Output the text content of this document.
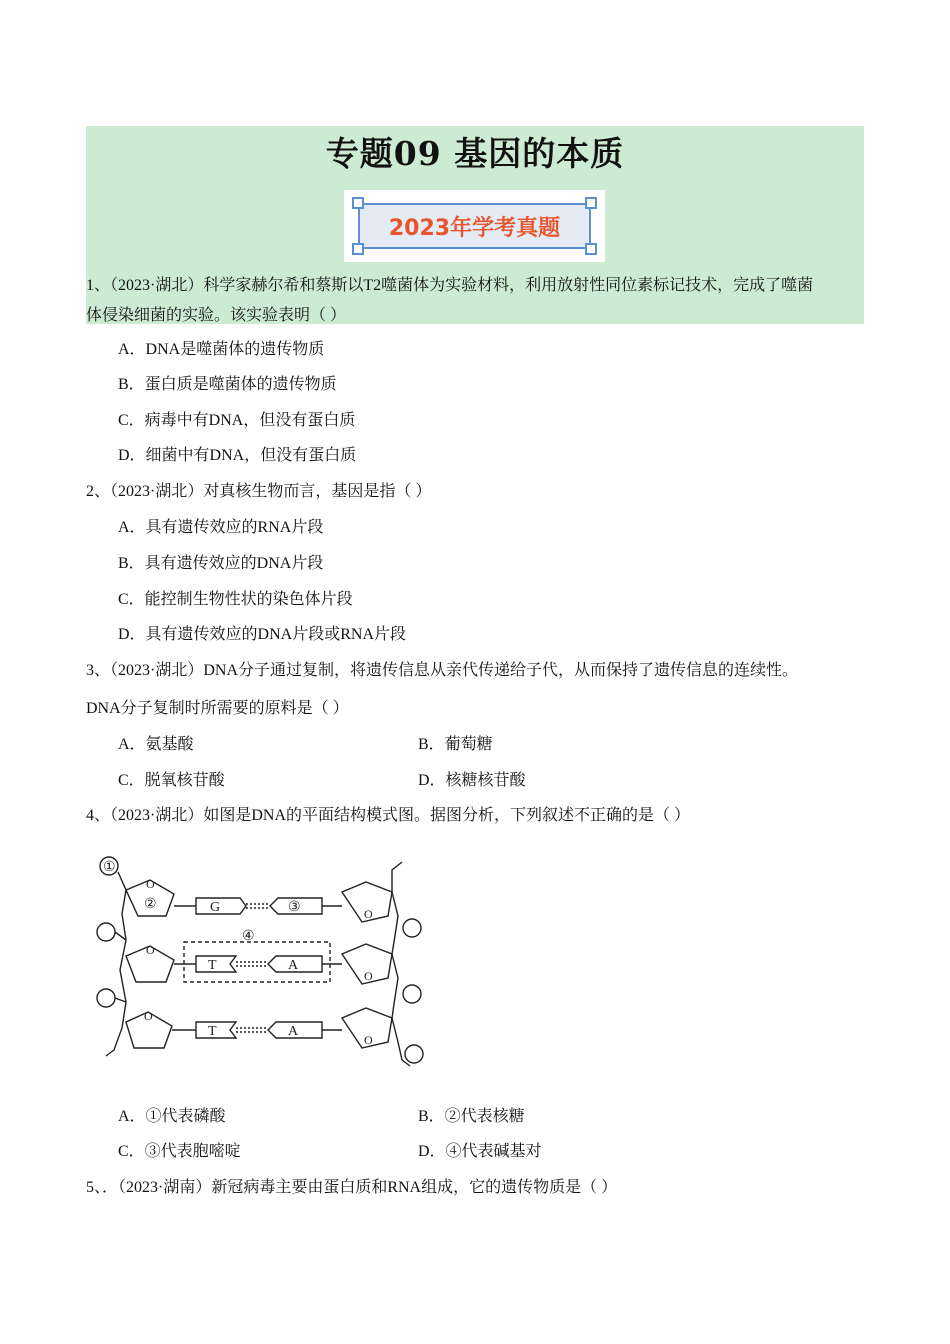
专题09 基因的本质
2023年学考真题
1、（2023·湖北）科学家赫尔希和蔡斯以T2噬菌体为实验材料，利用放射性同位素标记技术，完成了噬菌
体侵染细菌的实验。该实验表明（ ）
A．DNA是噬菌体的遗传物质
B．蛋白质是噬菌体的遗传物质
C．病毒中有DNA，但没有蛋白质
D．细菌中有DNA，但没有蛋白质
2、（2023·湖北）对真核生物而言，基因是指（ ）
A．具有遗传效应的RNA片段
B．具有遗传效应的DNA片段
C．能控制生物性状的染色体片段
D．具有遗传效应的DNA片段或RNA片段
3、（2023·湖北）DNA分子通过复制，将遗传信息从亲代传递给子代，从而保持了遗传信息的连续性。
DNA分子复制时所需要的原料是（ ）
A．氨基酸	B．葡萄糖
C．脱氧核苷酸	D．核糖核苷酸
4、（2023·湖北）如图是DNA的平面结构模式图。据图分析，下列叙述不正确的是（ ）
①
O
O
O
②	G	③
④
T	A
T	A
O
O
O
A．①代表磷酸	B．②代表核糖
C．③代表胞嘧啶	D．④代表碱基对
5、．（2023·湖南）新冠病毒主要由蛋白质和RNA组成，它的遗传物质是（ ）
